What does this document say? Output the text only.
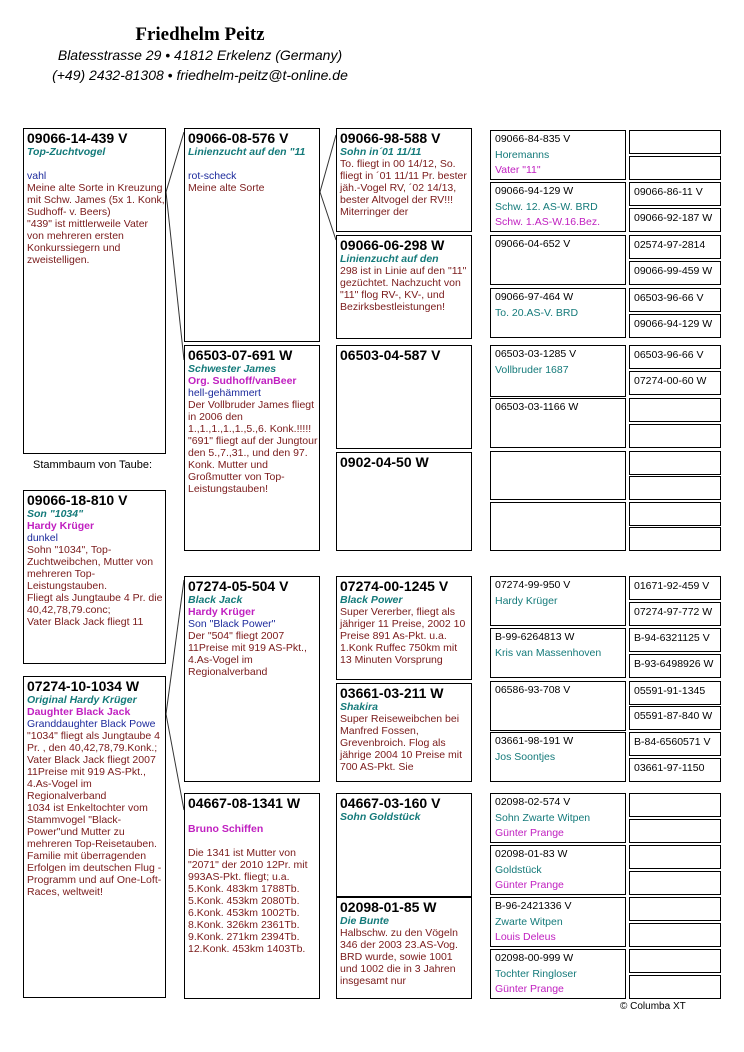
Friedhelm Peitz
Blatesstrasse 29 • 41812 Erkelenz (Germany)
(+49) 2432-81308 • friedhelm-peitz@t-online.de
09066-14-439 V
Top-Zuchtvogel

vahl
Meine alte Sorte in Kreuzung mit Schw. James (5x 1. Konk, Sudhoff- v. Beers)
"439" ist mittlerweile Vater von mehreren ersten Konkurssiegern und zweistelligen.
Stammbaum von Taube:
09066-18-810 V
Son "1034"
Hardy Krüger
dunkel
Sohn "1034", Top-Zuchtweibchen, Mutter von mehreren Top-Leistungstauben.
Fliegt als Jungtaube 4 Pr. die 40,42,78,79.conc;
Vater Black Jack fliegt 11
07274-10-1034 W
Original Hardy Krüger
Daughter Black Jack
Granddaughter Black Powe
"1034" fliegt als Jungtaube 4 Pr. , den 40,42,78,79.Konk.;
Vater Black Jack fliegt 2007 11Preise mit 919 AS-Pkt., 4.As-Vogel im Regionalverband
1034 ist Enkeltochter vom Stammvogel "Black-Power"und Mutter zu mehreren Top-Reisetauben. Familie mit überragenden Erfolgen im deutschen Flug -Programm und auf One-Loft-Races, weltweit!
09066-08-576 V
Linienzucht auf den "11

rot-scheck
Meine alte Sorte
06503-07-691 W
Schwester James
Org. Sudhoff/vanBeer
hell-gehämmert
Der Vollbruder James fliegt in 2006 den 1.,1.,1.,1.,1.,5.,6. Konk.!!!!!
"691" fliegt auf der Jungtour den 5.,7.,31., und den 97. Konk. Mutter und Großmutter von Top-Leistungstauben!
07274-05-504 V
Black Jack
Hardy Krüger
Son "Black Power"
Der "504" fliegt 2007 11Preise mit 919 AS-Pkt., 4.As-Vogel im Regionalverband
04667-08-1341 W

Bruno Schiffen

Die 1341 ist Mutter von "2071" der 2010 12Pr. mit 993AS-Pkt. fliegt; u.a. 5.Konk. 483km 1788Tb.
5.Konk. 453km 2080Tb. 6.Konk. 453km 1002Tb. 8.Konk. 326km 2361Tb. 9.Konk. 271km 2394Tb. 12.Konk. 453km 1403Tb.
09066-98-588 V
Sohn in´01 11/11
To. fliegt in 00 14/12, So. fliegt in ´01 11/11 Pr. bester jäh.-Vogel RV, ´02 14/13, bester Altvogel der RV!!! Miterringer der
09066-06-298 W
Linienzucht auf den
298 ist in Linie auf den "11" gezüchtet. Nachzucht von "11" flog RV-, KV-, und Bezirksbestleistungen!
06503-04-587 V
0902-04-50 W
07274-00-1245 V
Black Power
Super Vererber, fliegt als jähriger 11 Preise, 2002 10 Preise 891 As-Pkt. u.a. 1.Konk Ruffec 750km mit 13 Minuten Vorsprung
03661-03-211 W
Shakira
Super Reiseweibchen bei Manfred Fossen, Grevenbroich. Flog als jährige 2004 10 Preise mit 700 AS-Pkt. Sie
04667-03-160 V
Sohn Goldstück
02098-01-85 W
Die Bunte
Halbschw. zu den Vögeln 346 der 2003 23.AS-Vog. BRD wurde, sowie 1001 und 1002 die in 3 Jahren insgesamt nur
09066-84-835 V
Horemanns
Vater "11"
09066-94-129 W
Schw. 12. AS-W. BRD
Schw. 1.AS-W.16.Bez.
09066-04-652 V
09066-97-464 W
To. 20.AS-V. BRD
06503-03-1285 V
Vollbruder 1687
06503-03-1166 W
07274-99-950 V
Hardy Krüger
B-99-6264813 W
Kris van Massenhoven
06586-93-708 V
03661-98-191 W
Jos Soontjes
02098-02-574 V
Sohn Zwarte Witpen
Günter Prange
02098-01-83 W
Goldstück
Günter Prange
B-96-2421336 V
Zwarte Witpen
Louis Deleus
02098-00-999 W
Tochter Ringloser
Günter Prange
09066-86-11 V
09066-92-187 W
02574-97-2814
09066-99-459 W
06503-96-66 V
09066-94-129 W
06503-96-66 V
07274-00-60 W
01671-92-459 V
07274-97-772 W
B-94-6321125 V
B-93-6498926 W
05591-91-1345
05591-87-840 W
B-84-6560571 V
03661-97-1150
© Columba XT
